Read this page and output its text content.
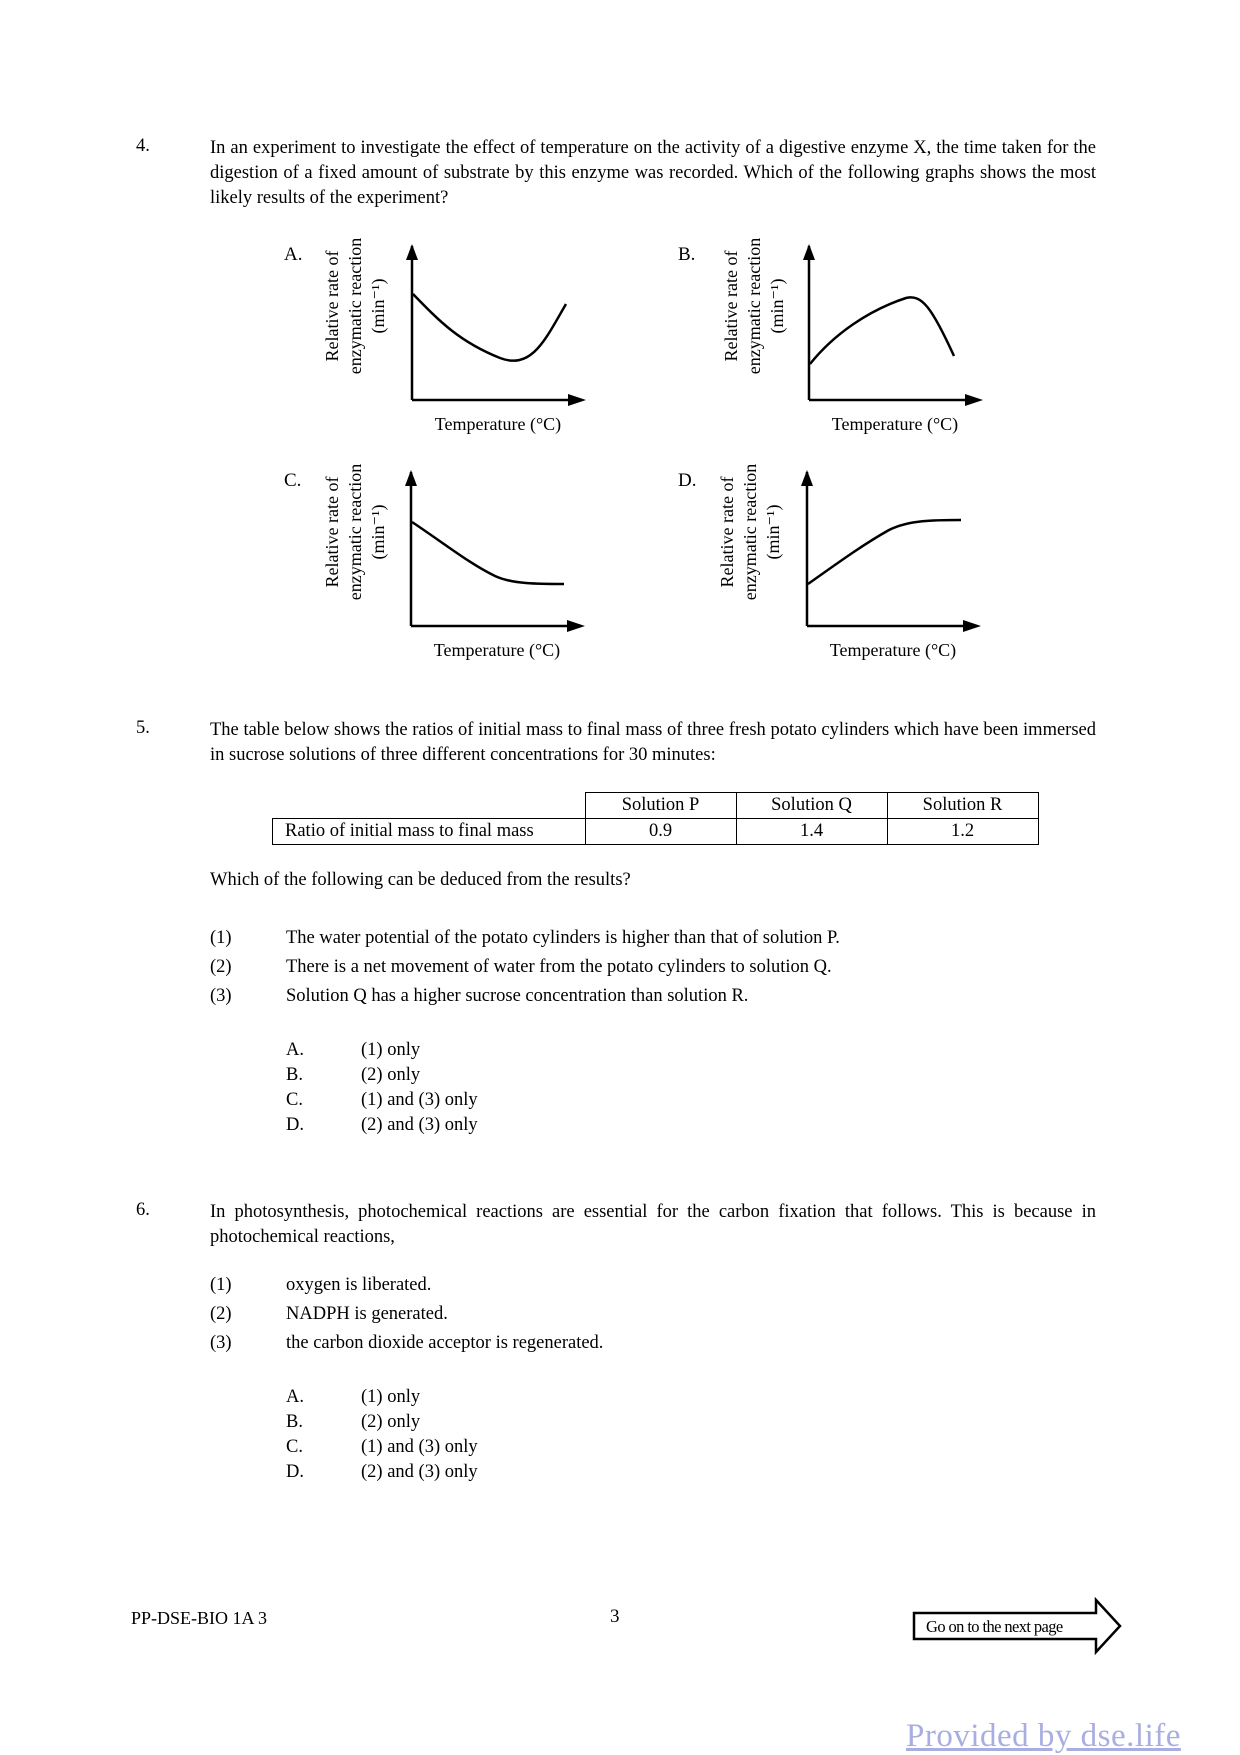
4.	In an experiment to investigate the effect of temperature on the activity of a digestive enzyme X, the time taken for the digestion of a fixed amount of substrate by this enzyme was recorded. Which of the following graphs shows the most likely results of the experiment?

A. Relative rate of enzymatic reaction (min⁻¹)
Temperature (°C)
B. Relative rate of enzymatic reaction (min⁻¹)
Temperature (°C)
C. Relative rate of enzymatic reaction (min⁻¹)
Temperature (°C)
D. Relative rate of enzymatic reaction (min⁻¹)
Temperature (°C)
5.	The table below shows the ratios of initial mass to final mass of three fresh potato cylinders which have been immersed in sucrose solutions of three different concentrations for 30 minutes:

	Solution P	Solution Q	Solution R
Ratio of initial mass to final mass	0.9	1.4	1.2
Which of the following can be deduced from the results?
(1)	The water potential of the potato cylinders is higher than that of solution P.
(2)	There is a net movement of water from the potato cylinders to solution Q.
(3)	Solution Q has a higher sucrose concentration than solution R.
A.	(1) only
B.	(2) only
C.	(1) and (3) only
D.	(2) and (3) only
6.	In photosynthesis, photochemical reactions are essential for the carbon fixation that follows. This is because in photochemical reactions,

(1)	oxygen is liberated.
(2)	NADPH is generated.
(3)	the carbon dioxide acceptor is regenerated.
A.	(1) only
B.	(2) only
C.	(1) and (3) only
D.	(2) and (3) only
PP-DSE-BIO 1A 3	3	Go on to the next page
Provided by dse.life
